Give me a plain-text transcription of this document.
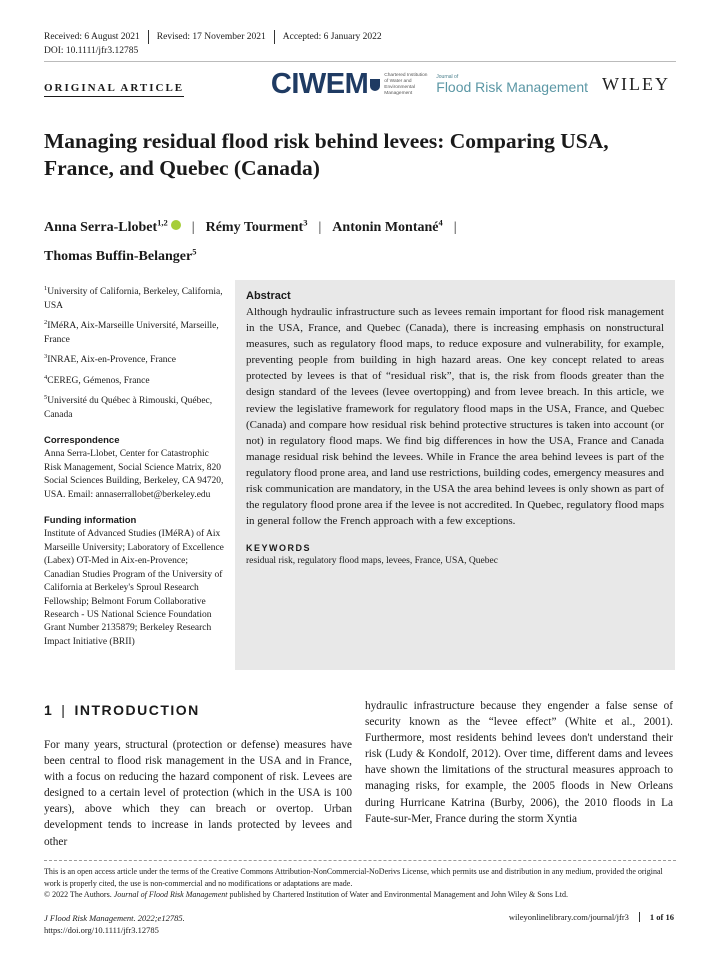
Received: 6 August 2021	Revised: 17 November 2021	Accepted: 6 January 2022
DOI: 10.1111/jfr3.12785
ORIGINAL ARTICLE	CIWEM	Chartered Institution of Water and Environmental Management
Journal of
Flood Risk Management WILEY
Managing residual flood risk behind levees: Comparing USA, France, and Quebec (Canada)
Anna Serra-Llobet$^{1,2}$ | Rémy Tourment$^3$ | Antonin Montané$^4$ |
Thomas Buffin-Belanger$^5$
$^1$University of California, Berkeley, California, USA
$^2$IMéRA, Aix-Marseille Université, Marseille, France
$^3$INRAE, Aix-en-Provence, France
$^4$CEREG, Gémenos, France
$^5$Université du Québec à Rimouski, Québec, Canada
Correspondence
Anna Serra-Llobet, Center for Catastrophic Risk Management, Social Science Matrix, 820 Social Sciences Building, Berkeley, CA 94720, USA. Email: annaserrallobet@berkeley.edu
Funding information
Institute of Advanced Studies (IMéRA) of Aix Marseille University; Laboratory of Excellence (Labex) OT-Med in Aix-en-Provence; Canadian Studies Program of the University of California at Berkeley's Sproul Research Fellowship; Belmont Forum Collaborative Research - US National Science Foundation Grant Number 2135879; Berkeley Research Impact Initiative (BRII)
Abstract

Although hydraulic infrastructure such as levees remain important for flood risk management in the USA, France, and Quebec (Canada), there is increasing emphasis on nonstructural measures, such as regulatory flood maps, to reduce exposure and vulnerability, for example, preventing people from building in high hazard areas. One key concept related to areas protected by levees is that of “residual risk”, that is, the risk from floods greater than the design standard of the levees (levee overtopping) and from levee breach. In this article, we review the legislative framework for regulatory flood maps in the USA, France, and Quebec (Canada) and compare how residual risk behind protective structures is taken into account (or not) in regulatory flood maps. We find big differences in how the USA, France and Canada manage residual risk behind the levees. While in France the area behind levees is part of the regulatory flood prone area, and land use restrictions, building codes, emergency measures and risk communication are mandatory, in the USA the area behind levees is only shown as part of the regulatory flood prone area if the levee is not accredited. In Quebec, regulatory flood maps in general follow the French approach with a few exceptions.

KEYWORDS
residual risk, regulatory flood maps, levees, France, USA, Quebec
1 | INTRODUCTION

For many years, structural (protection or defense) measures have been central to flood risk management in the USA and in France, with a focus on reducing the hazard component of risk. Levees are designed to a certain level of protection (which in the USA is 100 years), above which they can breach or overtop. Urban development tends to increase in lands protected by levees and other

hydraulic infrastructure because they engender a false sense of security known as the “levee effect” (White et al., 2001). Furthermore, most residents behind levees don't understand their risk (Ludy & Kondolf, 2012). Over time, different dams and levees have shown the limitations of the structural measures approach to managing risks, for example, the 2005 floods in New Orleans during Hurricane Katrina (Burby, 2006), the 2010 floods in La Faute-sur-Mer, France during the storm Xyntia

This is an open access article under the terms of the Creative Commons Attribution-NonCommercial-NoDerivs License, which permits use and distribution in any medium, provided the original work is properly cited, the use is non-commercial and no modifications or adaptations are made.
© 2022 The Authors. Journal of Flood Risk Management published by Chartered Institution of Water and Environmental Management and John Wiley & Sons Ltd.
J Flood Risk Management. 2022;e12785.
https://doi.org/10.1111/jfr3.12785
wileyonlinelibrary.com/journal/jfr3	1 of 16
